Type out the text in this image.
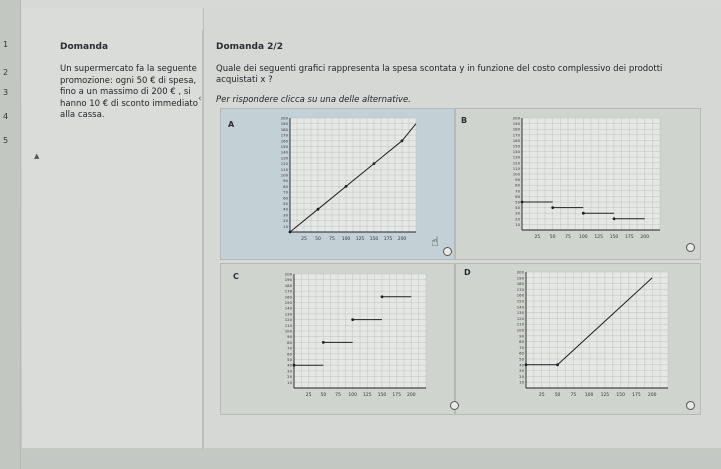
1
2
3
4
5
‹
▲
Domanda
Un supermercato fa la seguente
promozione: ogni 50 € di spesa,
fino a un massimo di 200 € , si
hanno 10 € di sconto immediato
alla cassa.
Domanda 2/2
Quale dei seguenti grafici rappresenta la spesa scontata y in funzione del costo complessivo dei prodotti
acquistati x ?
Per rispondere clicca su una delle alternative.
A	B
C	D
☝
25 50 75 100 125 150 175 200
10
20
30
40
50
60
70
80
90
100
110
120
130
140
150
160
170
180
190
200
25 50 75 100 125 150 175 200
10
20
30
40
50
60
70
80
90
100
110
120
130
140
150
160
170
180
190
200
25 50 75 100 125 150 175 200
10
20
30
40
50
60
70
80
90
100
110
120
130
140
150
160
170
180
190
200
25 50 75 100 125 150 175 200
10
20
30
40
50
60
70
80
90
100
110
120
130
140
150
160
170
180
190
200
